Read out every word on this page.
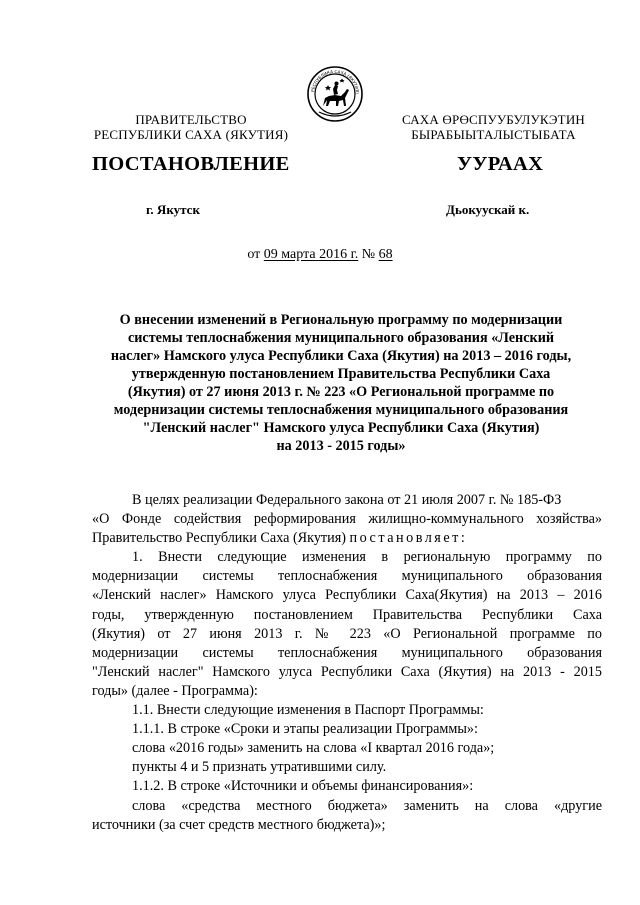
РЕСПУБЛИКА САХА (ЯКУТИЯ)
ПРАВИТЕЛЬСТВО
РЕСПУБЛИКИ САХА (ЯКУТИЯ)
САХА ӨРӨСПУУБУЛУКЭТИН
БЫРАБЫЫТАЛЫСТЫБАТА
ПОСТАНОВЛЕНИЕ	УУРААХ
г. Якутск	Дьокуускай к.
от 09 марта 2016 г. № 68
О внесении изменений в Региональную программу по модернизации
системы теплоснабжения муниципального образования «Ленский
наслег» Намского улуса Республики Саха (Якутия) на 2013 – 2016 годы,
утвержденную постановлением Правительства Республики Саха
(Якутия) от 27 июня 2013 г. № 223 «О Региональной программе по
модернизации системы теплоснабжения муниципального образования
"Ленский наслег" Намского улуса Республики Саха (Якутия)
на 2013 - 2015 годы»
В целях реализации Федерального закона от 21 июля 2007 г. № 185-ФЗ
«О Фонде содействия реформирования жилищно-коммунального хозяйства»
Правительство Республики Саха (Якутия) постановляет:
1. Внести следующие изменения в региональную программу по
модернизации системы теплоснабжения муниципального образования
«Ленский наслег» Намского улуса Республики Саха(Якутия) на 2013 – 2016
годы, утвержденную постановлением Правительства Республики Саха
(Якутия) от 27 июня 2013 г. № 223 «О Региональной программе по
модернизации системы теплоснабжения муниципального образования
"Ленский наслег" Намского улуса Республики Саха (Якутия) на 2013 - 2015
годы» (далее - Программа):
1.1. Внести следующие изменения в Паспорт Программы:
1.1.1. В строке «Сроки и этапы реализации Программы»:
слова «2016 годы» заменить на слова «I квартал 2016 года»;
пункты 4 и 5 признать утратившими силу.
1.1.2. В строке «Источники и объемы финансирования»:
слова «средства местного бюджета» заменить на слова «другие
источники (за счет средств местного бюджета)»;
